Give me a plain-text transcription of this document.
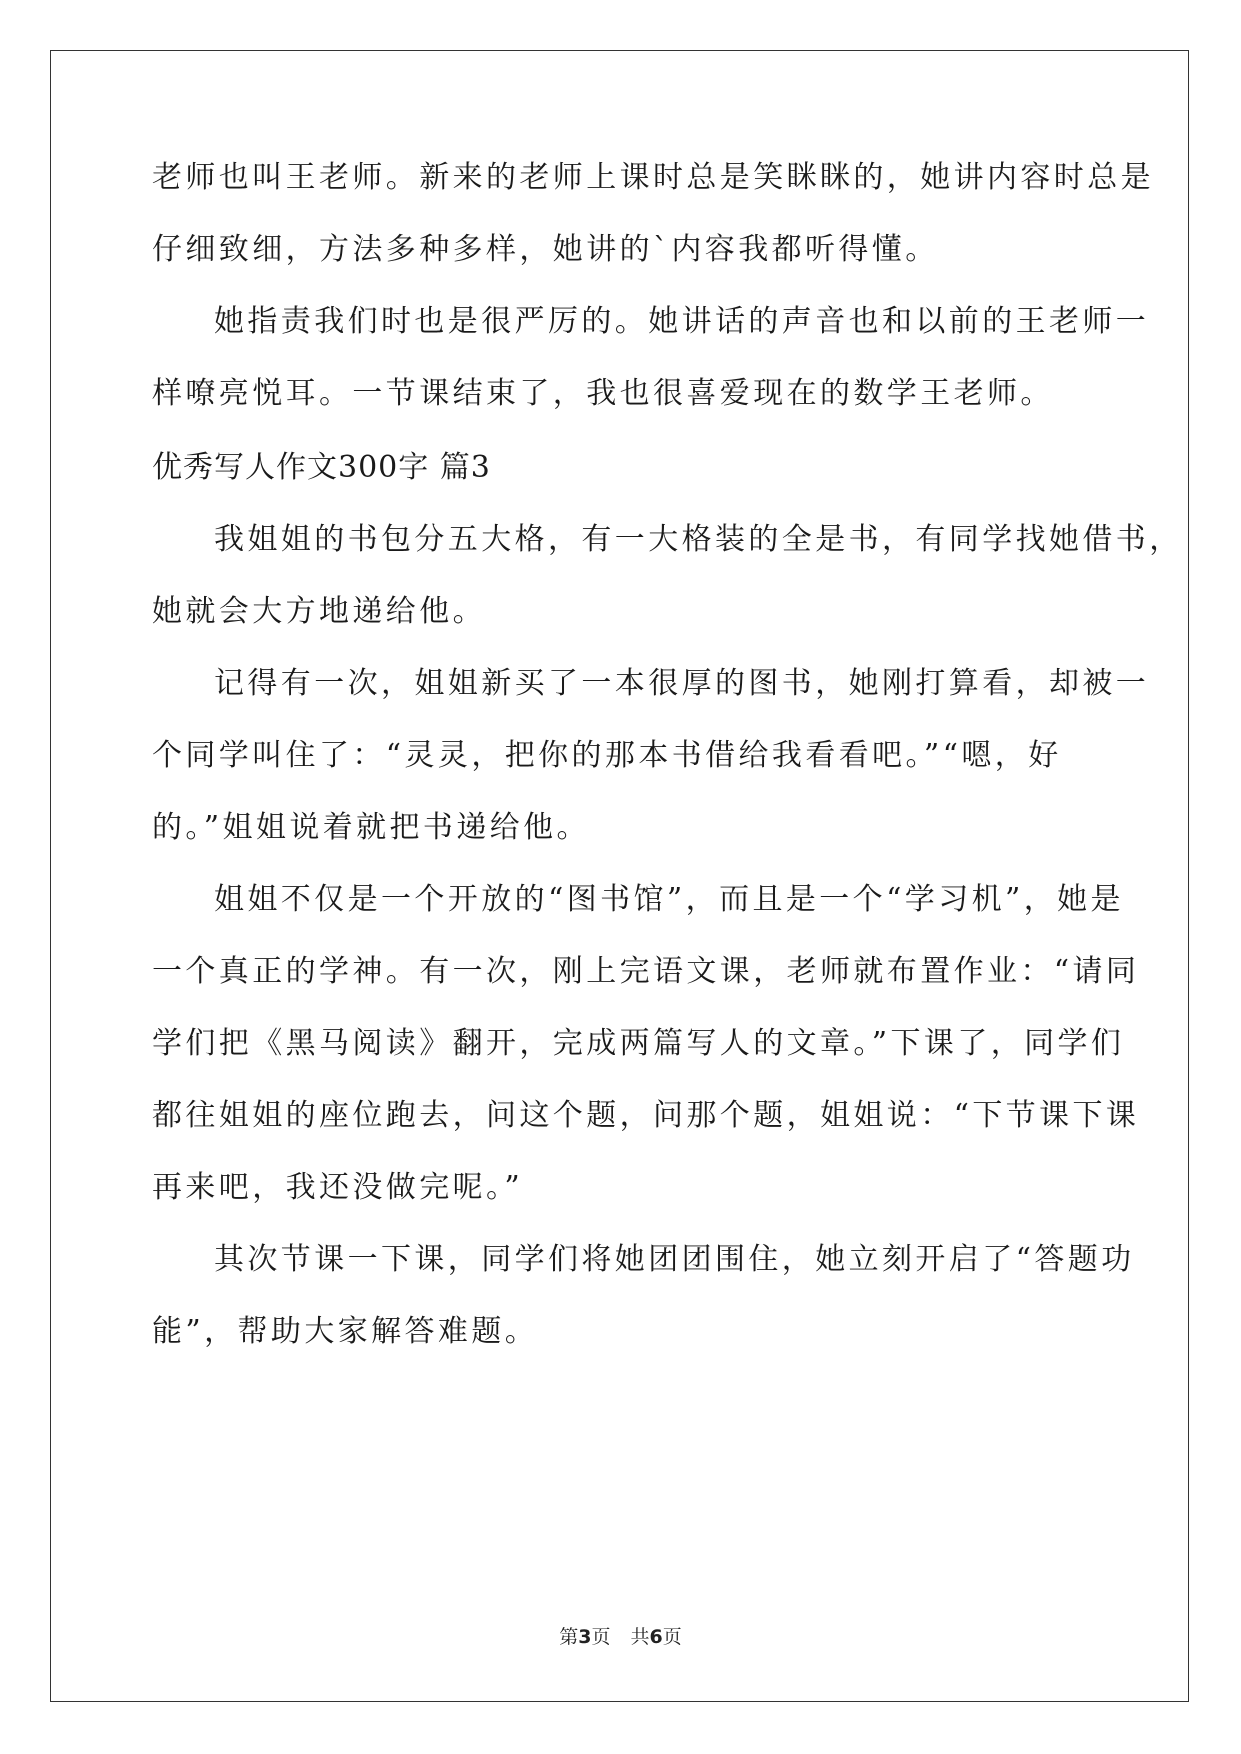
老师也叫王老师。新来的老师上课时总是笑眯眯的，她讲内容时总是
仔细致细，方法多种多样，她讲的`内容我都听得懂。
她指责我们时也是很严厉的。她讲话的声音也和以前的王老师一
样嘹亮悦耳。一节课结束了，我也很喜爱现在的数学王老师。
优秀写人作文300字 篇3
我姐姐的书包分五大格，有一大格装的全是书，有同学找她借书，
她就会大方地递给他。
记得有一次，姐姐新买了一本很厚的图书，她刚打算看，却被一
个同学叫住了：“灵灵，把你的那本书借给我看看吧。”“嗯，好
的。”姐姐说着就把书递给他。
姐姐不仅是一个开放的“图书馆”，而且是一个“学习机”，她是
一个真正的学神。有一次，刚上完语文课，老师就布置作业：“请同
学们把《黑马阅读》翻开，完成两篇写人的文章。”下课了，同学们
都往姐姐的座位跑去，问这个题，问那个题，姐姐说：“下节课下课
再来吧，我还没做完呢。”
其次节课一下课，同学们将她团团围住，她立刻开启了“答题功
能”，帮助大家解答难题。
第3页 共6页
